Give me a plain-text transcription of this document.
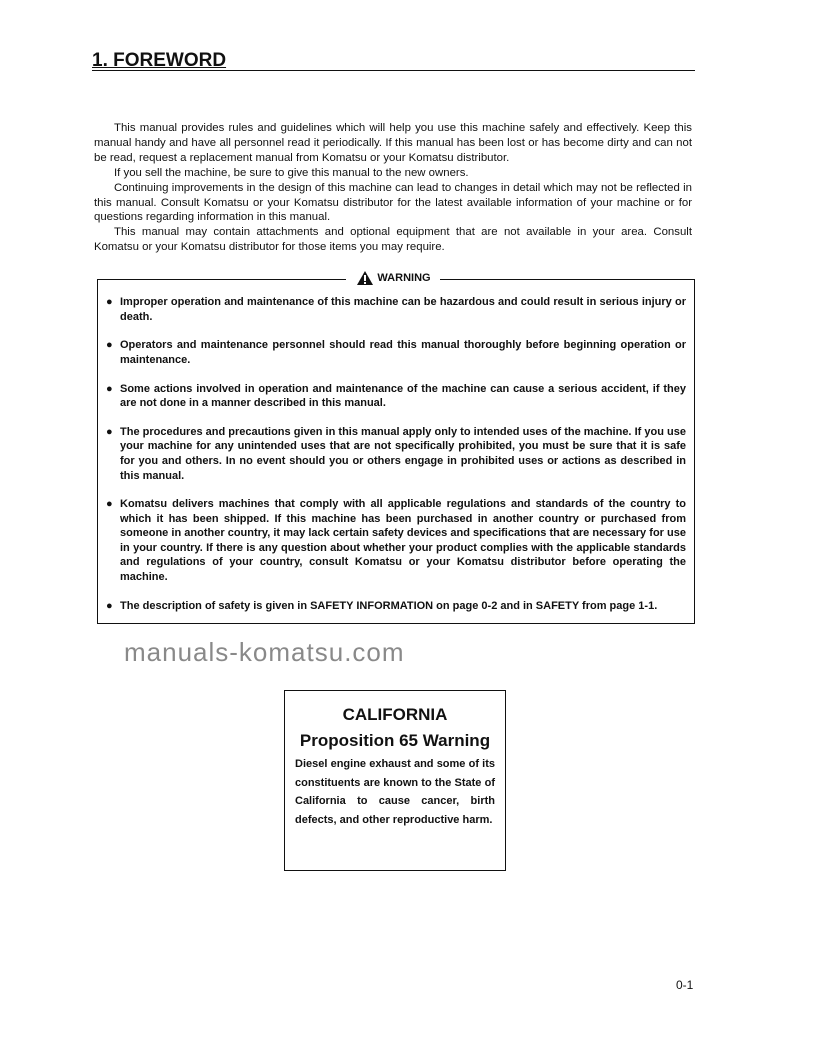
1. FOREWORD

This manual provides rules and guidelines which will help you use this machine safely and effectively. Keep this manual handy and have all personnel read it periodically. If this manual has been lost or has become dirty and can not be read, request a replacement manual from Komatsu or your Komatsu distributor.

If you sell the machine, be sure to give this manual to the new owners.

Continuing improvements in the design of this machine can lead to changes in detail which may not be reflected in this manual. Consult Komatsu or your Komatsu distributor for the latest available information of your machine or for questions regarding information in this manual.

This manual may contain attachments and optional equipment that are not available in your area. Consult Komatsu or your Komatsu distributor for those items you may require.

WARNING
● Improper operation and maintenance of this machine can be hazardous and could result in serious injury or death.
● Operators and maintenance personnel should read this manual thoroughly before beginning operation or maintenance.
● Some actions involved in operation and maintenance of the machine can cause a serious accident, if they are not done in a manner described in this manual.
● The procedures and precautions given in this manual apply only to intended uses of the machine. If you use your machine for any unintended uses that are not specifically prohibited, you must be sure that it is safe for you and others. In no event should you or others engage in prohibited uses or actions as described in this manual.
● Komatsu delivers machines that comply with all applicable regulations and standards of the country to which it has been shipped. If this machine has been purchased in another country or purchased from someone in another country, it may lack certain safety devices and specifications that are necessary for use in your country. If there is any question about whether your product complies with the applicable standards and regulations of your country, consult Komatsu or your Komatsu distributor before operating the machine.
● The description of safety is given in SAFETY INFORMATION on page 0-2 and in SAFETY from page 1-1.
manuals-komatsu.com
CALIFORNIA
Proposition 65 Warning

Diesel engine exhaust and some of its constituents are known to the State of California to cause cancer, birth defects, and other reproductive harm.

0-1
